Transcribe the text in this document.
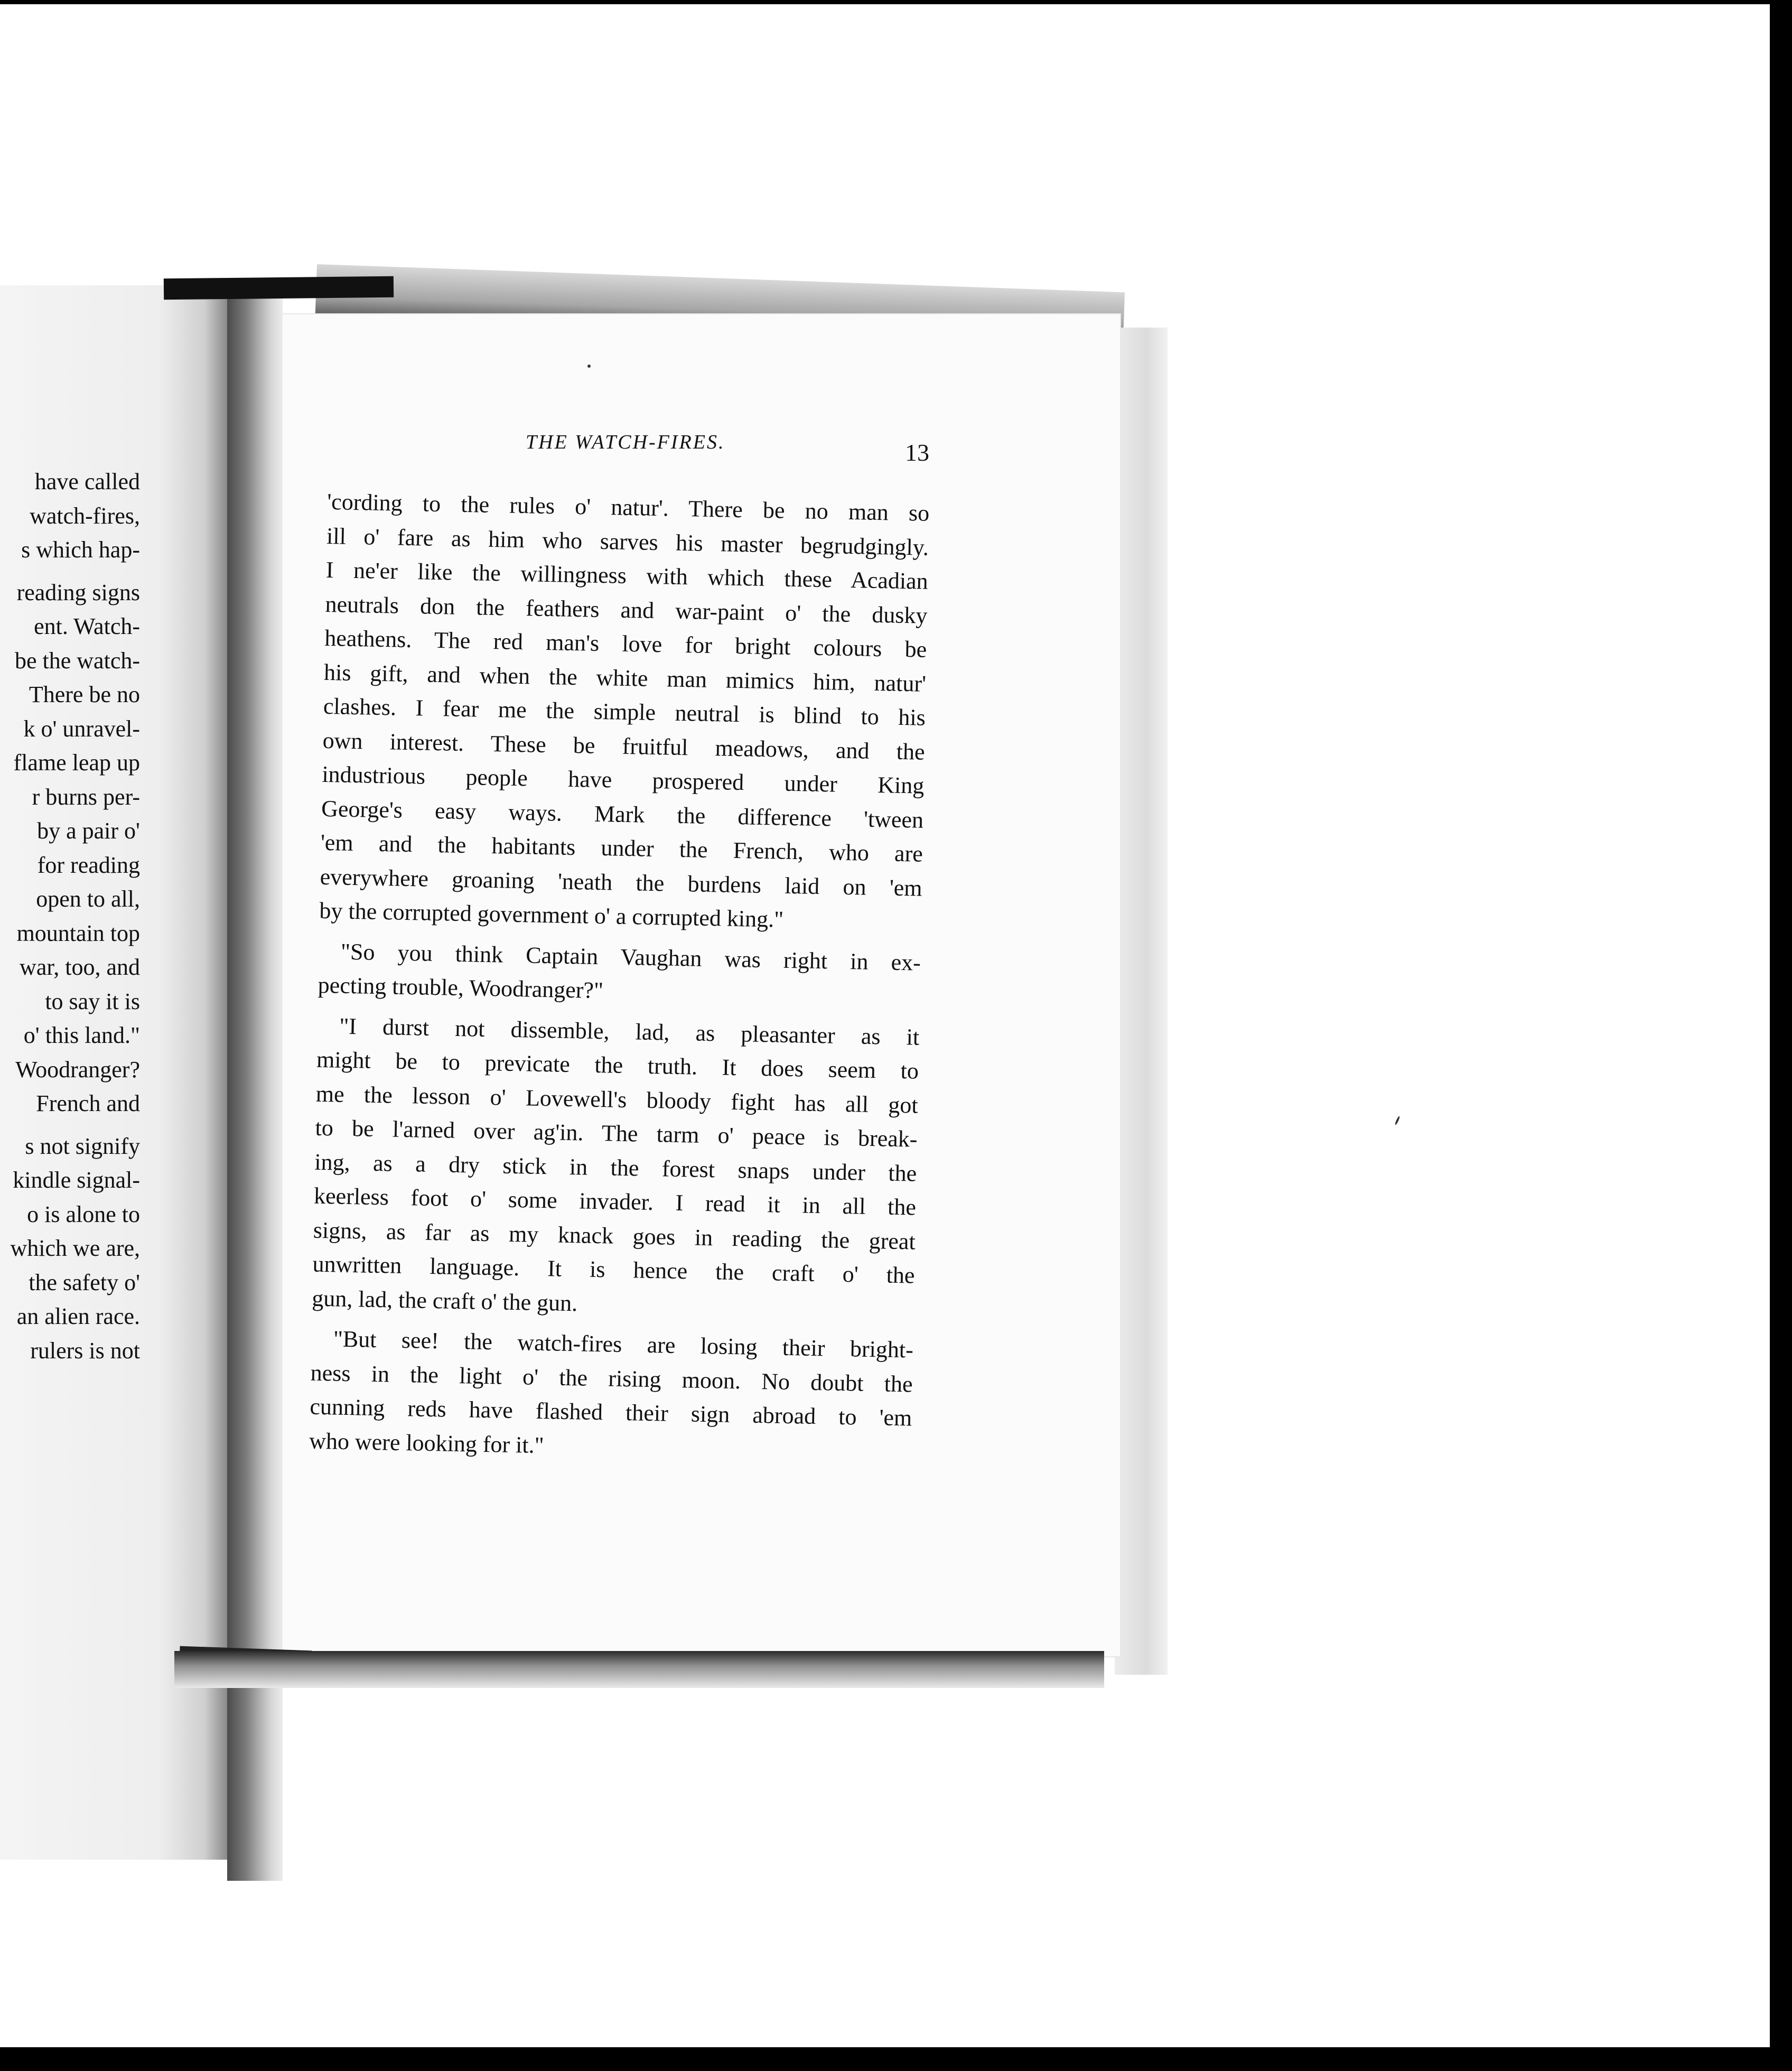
have called
watch-fires,
s which hap-
reading signs
ent. Watch-
be the watch-
There be no
k o' unravel-
flame leap up
r burns per-
by a pair o'
for reading
open to all,
mountain top
war, too, and
to say it is
o' this land."
Woodranger?
French and
s not signify
kindle signal-
o is alone to
which we are,
the safety o'
an alien race.
rulers is not
THE WATCH-FIRES.	13
'cording to the rules o' natur'. There be no man so
ill o' fare as him who sarves his master begrudgingly.
I ne'er like the willingness with which these Acadian
neutrals don the feathers and war-paint o' the dusky
heathens. The red man's love for bright colours be
his gift, and when the white man mimics him, natur'
clashes. I fear me the simple neutral is blind to his
own interest. These be fruitful meadows, and the
industrious people have prospered under King
George's easy ways. Mark the difference 'tween
'em and the habitants under the French, who are
everywhere groaning 'neath the burdens laid on 'em
by the corrupted government o' a corrupted king."
"So you think Captain Vaughan was right in ex-
pecting trouble, Woodranger?"
"I durst not dissemble, lad, as pleasanter as it
might be to previcate the truth. It does seem to
me the lesson o' Lovewell's bloody fight has all got
to be l'arned over ag'in. The tarm o' peace is break-
ing, as a dry stick in the forest snaps under the
keerless foot o' some invader. I read it in all the
signs, as far as my knack goes in reading the great
unwritten language. It is hence the craft o' the
gun, lad, the craft o' the gun.
"But see! the watch-fires are losing their bright-
ness in the light o' the rising moon. No doubt the
cunning reds have flashed their sign abroad to 'em
who were looking for it."
